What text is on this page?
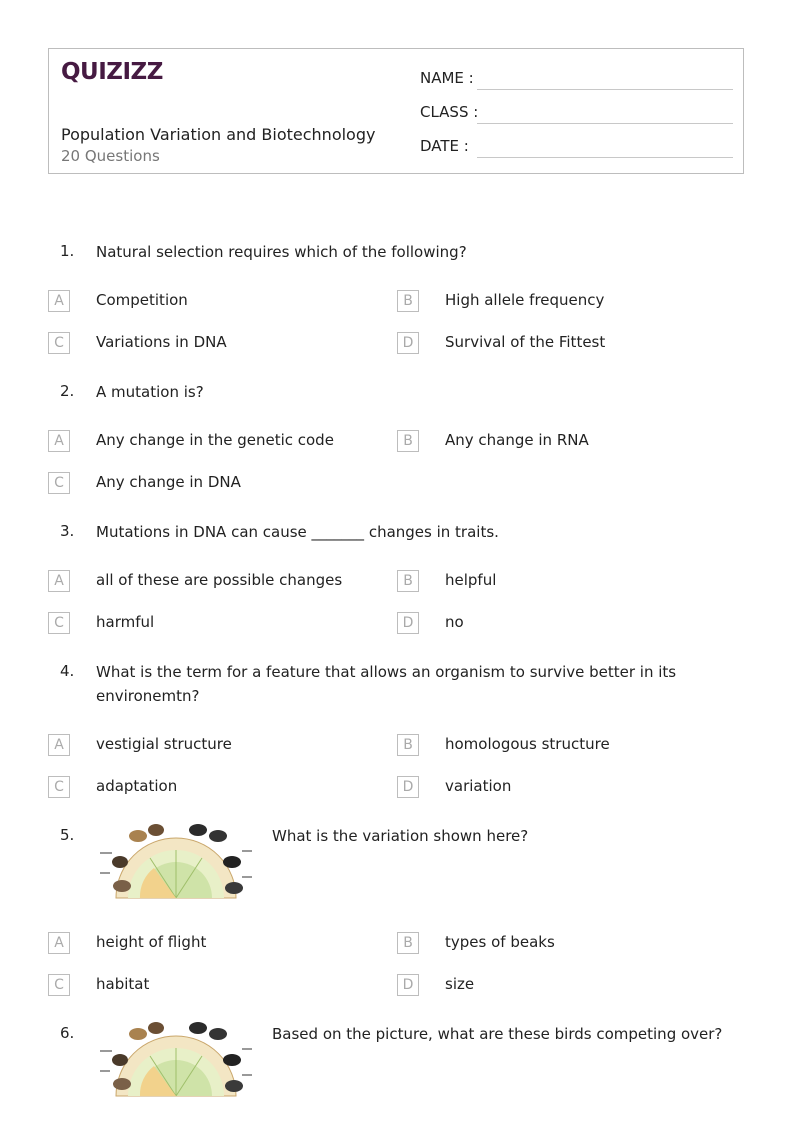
QUIZIZZ
Population Variation and Biotechnology
20 Questions
NAME :
CLASS :
DATE :
1. Natural selection requires which of the following?
A	Competition	B	High allele frequency
C	Variations in DNA	D	Survival of the Fittest
2. A mutation is?
A	Any change in the genetic code	B	Any change in RNA
C	Any change in DNA
3. Mutations in DNA can cause _______ changes in traits.
A	all of these are possible changes	B	helpful
C	harmful	D	no
4. What is the term for a feature that allows an organism to survive better in its
environemtn?
A	vestigial structure	B	homologous structure
C	adaptation	D	variation
5.	What is the variation shown here?
A	height of flight	B	types of beaks
C	habitat	D	size
6.	Based on the picture, what are these birds competing over?
